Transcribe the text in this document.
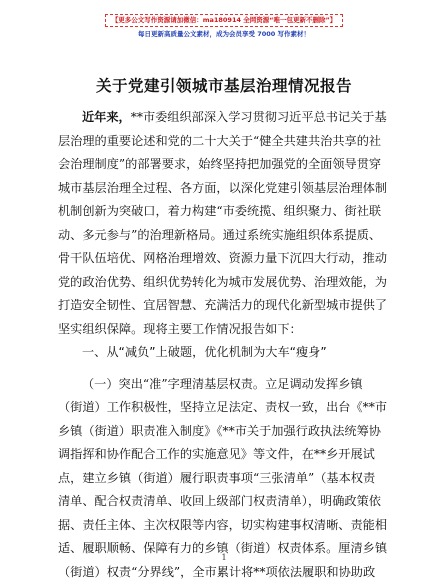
【更多公文写作资源请加微信：ma180914 全网资源“唯一包更新不删除”】
每日更新高质量公文素材，成为会员享受 7000 写作素材！
关于党建引领城市基层治理情况报告
近年来，**市委组织部深入学习贯彻习近平总书记关于基
层治理的重要论述和党的二十大关于“健全共建共治共享的社
会治理制度”的部署要求，始终坚持把加强党的全面领导贯穿
城市基层治理全过程、各方面，以深化党建引领基层治理体制
机制创新为突破口，着力构建“市委统揽、组织聚力、街社联
动、多元参与”的治理新格局。通过系统实施组织体系提质、
骨干队伍培优、网格治理增效、资源力量下沉四大行动，推动
党的政治优势、组织优势转化为城市发展优势、治理效能，为
打造安全韧性、宜居智慧、充满活力的现代化新型城市提供了
坚实组织保障。现将主要工作情况报告如下：
一、从“减负”上破题，优化机制为大车“瘦身”
（一）突出“准”字理清基层权责。立足调动发挥乡镇
（街道）工作积极性，坚持立足法定、责权一致，出台《**市
乡镇（街道）职责准入制度》《**市关于加强行政执法统筹协
调指挥和协作配合工作的实施意见》等文件，在**乡开展试
点，建立乡镇（街道）履行职责事项“三张清单”（基本权责
清单、配合权责清单、收回上级部门权责清单），明确政策依
据、责任主体、主次权限等内容，切实构建事权清晰、责能相
适、履职顺畅、保障有力的乡镇（街道）权责体系。厘清乡镇
（街道）权责“分界线”，全市累计将**项依法履职和协助政
1
